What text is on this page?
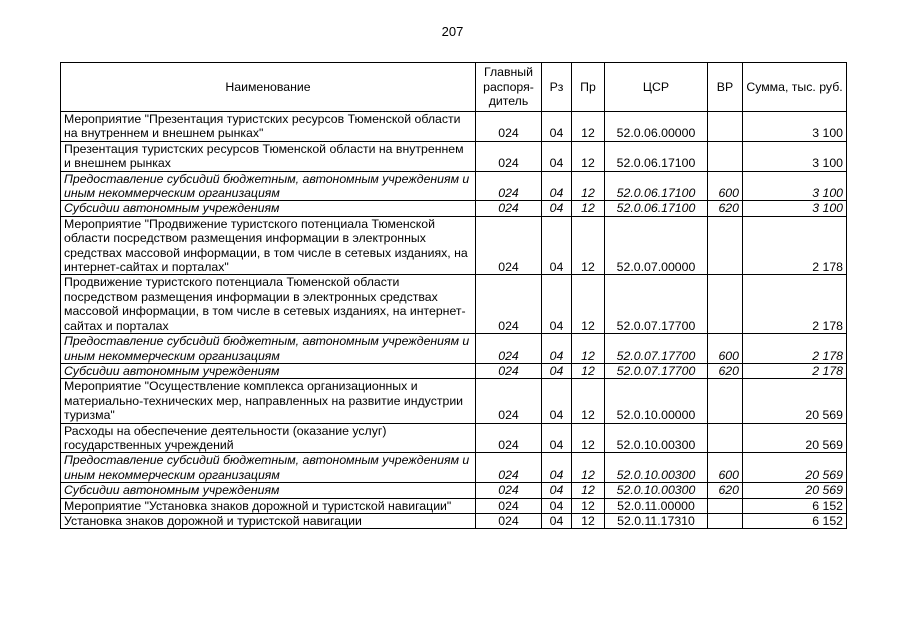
207
Наименование	Главный распоря-дитель	Рз	Пр	ЦСР	ВР	Сумма, тыс. руб.
Мероприятие "Презентация туристских ресурсов Тюменской области на внутреннем и внешнем рынках"	024	04	12	52.0.06.00000		3 100
Презентация туристских ресурсов Тюменской области на внутреннем и внешнем рынках	024	04	12	52.0.06.17100		3 100
Предоставление субсидий бюджетным, автономным учреждениям и иным некоммерческим организациям	024	04	12	52.0.06.17100	600	3 100
Субсидии автономным учреждениям	024	04	12	52.0.06.17100	620	3 100
Мероприятие "Продвижение туристского потенциала Тюменской области посредством размещения информации в электронных средствах массовой информации, в том числе в сетевых изданиях, на интернет-сайтах и порталах"	024	04	12	52.0.07.00000		2 178
Продвижение туристского потенциала Тюменской области посредством размещения информации в электронных средствах массовой информации, в том числе в сетевых изданиях, на интернет-сайтах и порталах	024	04	12	52.0.07.17700		2 178
Предоставление субсидий бюджетным, автономным учреждениям и иным некоммерческим организациям	024	04	12	52.0.07.17700	600	2 178
Субсидии автономным учреждениям	024	04	12	52.0.07.17700	620	2 178
Мероприятие "Осуществление комплекса организационных и материально-технических мер, направленных на развитие индустрии туризма"	024	04	12	52.0.10.00000		20 569
Расходы на обеспечение деятельности (оказание услуг) государственных учреждений	024	04	12	52.0.10.00300		20 569
Предоставление субсидий бюджетным, автономным учреждениям и иным некоммерческим организациям	024	04	12	52.0.10.00300	600	20 569
Субсидии автономным учреждениям	024	04	12	52.0.10.00300	620	20 569
Мероприятие "Установка знаков дорожной и туристской навигации"	024	04	12	52.0.11.00000		6 152
Установка знаков дорожной и туристской навигации	024	04	12	52.0.11.17310		6 152
